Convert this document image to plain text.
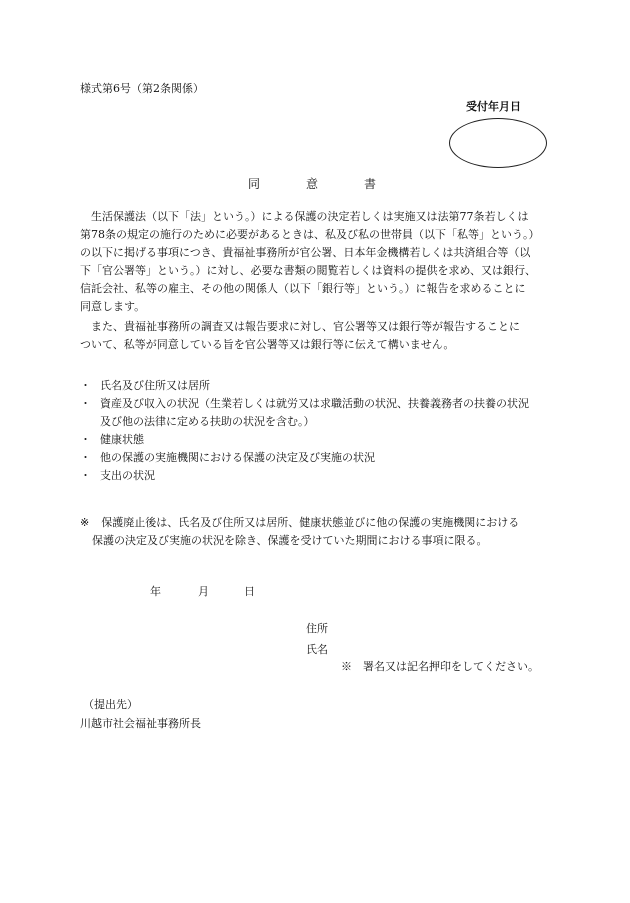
様式第6号（第2条関係）
受付年月日
同	意	書
　生活保護法（以下「法」という。）による保護の決定若しくは実施又は法第77条若しくは
第78条の規定の施行のために必要があるときは、私及び私の世帯員（以下「私等」という。）
の以下に掲げる事項につき、貴福祉事務所が官公署、日本年金機構若しくは共済組合等（以
下「官公署等」という。）に対し、必要な書類の閲覧若しくは資料の提供を求め、又は銀行、
信託会社、私等の雇主、その他の関係人（以下「銀行等」という。）に報告を求めることに
同意します。
　また、貴福祉事務所の調査又は報告要求に対し、官公署等又は銀行等が報告することに
ついて、私等が同意している旨を官公署等又は銀行等に伝えて構いません。
・ 氏名及び住所又は居所
・ 資産及び収入の状況（生業若しくは就労又は求職活動の状況、扶養義務者の扶養の状況
及び他の法律に定める扶助の状況を含む。）
・ 健康状態
・ 他の保護の実施機関における保護の決定及び実施の状況
・ 支出の状況
※ 保護廃止後は、氏名及び住所又は居所、健康状態並びに他の保護の実施機関における
保護の決定及び実施の状況を除き、保護を受けていた期間における事項に限る。
年	月	日
住所
氏名
※　署名又は記名押印をしてください。
（提出先）
川越市社会福祉事務所長
